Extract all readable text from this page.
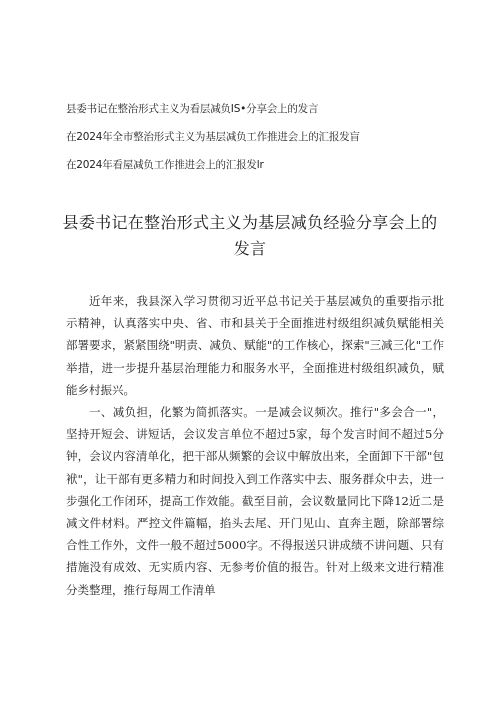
县委书记在整治形式主义为看层减负IS•分享会上的发言
在2024年全市整治形式主义为基层减负工作推进会上的汇报发盲
在2024年看屋减负工作推进会上的汇报发lr
县委书记在整治形式主义为基层减负经验分享会上的发言

近年来，我县深入学习贯彻习近平总书记关于基层减负的重要指示批示精神，认真落实中央、省、市和县关于全面推进村级组织减负赋能相关部署要求，紧紧围绕"明责、减负、赋能"的工作核心，探索"三减三化"工作举措，进一步提升基层治理能力和服务水平，全面推进村级组织减负，赋能乡村振兴。

一、减负担，化繁为简抓落实。一是减会议频次。推行"多会合一"，坚持开短会、讲短话，会议发言单位不超过5家，每个发言时间不超过5分钟，会议内容清单化，把干部从频繁的会议中解放出来，全面卸下干部"包袱"，让干部有更多精力和时间投入到工作落实中去、服务群众中去，进一步强化工作闭环，提高工作效能。截至目前，会议数量同比下降12近二是减文件材料。严控文件篇幅，掐头去尾、开门见山、直奔主题，除部署综合性工作外，文件一般不超过5000字。不得报送只讲成绩不讲问题、只有措施没有成效、无实质内容、无参考价值的报告。针对上级来文进行精准分类整理，推行每周工作清单
